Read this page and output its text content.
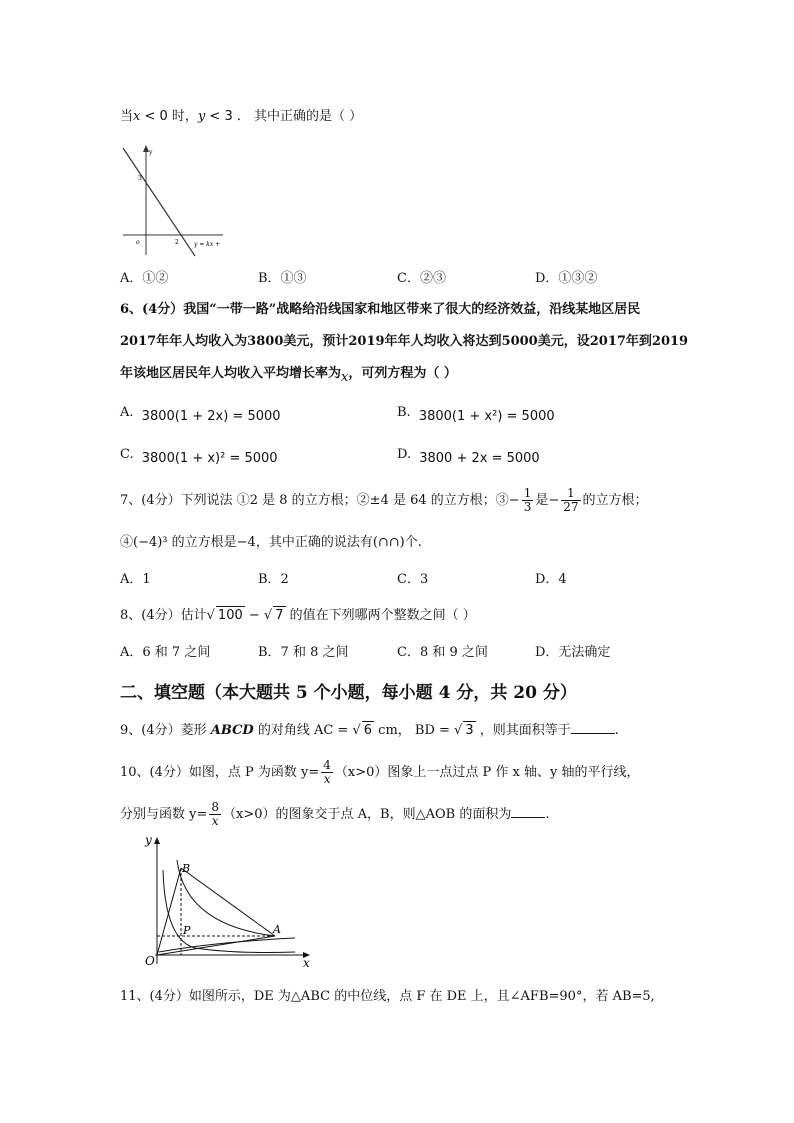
当x < 0 时，y < 3 ． 其中正确的是（ ）
y
3
o	2	y = kx +
A．①②	B．①③	C．②③	D．①③②
6、(4分）我国“一带一路”战略给沿线国家和地区带来了很大的经济效益，沿线某地区居民
2017年年人均收入为3800美元，预计2019年年人均收入将达到5000美元，设2017年到2019
年该地区居民年人均收入平均增长率为x，可列方程为（ ）
A. 3800(1 + 2x) = 5000	B. 3800(1 + x²) = 5000
C. 3800(1 + x)² = 5000	D. 3800 + 2x = 5000
7、(4分）下列说法 ①2 是 8 的立方根；②±4 是 64 的立方根；③− $\frac{1}{3}$ 是− $\frac{1}{27}$ 的立方根；
④(−4)³ 的立方根是−4，其中正确的说法有(∩∩)个.
A．1	B．2	C．3	D．4
8、(4分）估计√ 100 − √ 7 的值在下列哪两个整数之间（ ）
A．6 和 7 之间	B．7 和 8 之间	C．8 和 9 之间	D．无法确定
二、填空题（本大题共 5 个小题，每小题 4 分，共 20 分）
9、(4分）菱形 ABCD 的对角线 AC = √ 6 cm， BD = √ 3 ，则其面积等于	.
10、(4分）如图，点 P 为函数 $y= \frac{4}{x} (x>0)$图象上一点过点 P 作 x 轴、y 轴的平行线，
分别与函数 $y= \frac{8}{x} (x>0)$的图象交于点 A，B，则△AOB 的面积为	.
y
x
O
B
A
P
11、(4分）如图所示，DE 为△ABC 的中位线，点 F 在 DE 上，且∠AFB=90°，若 AB=5,
